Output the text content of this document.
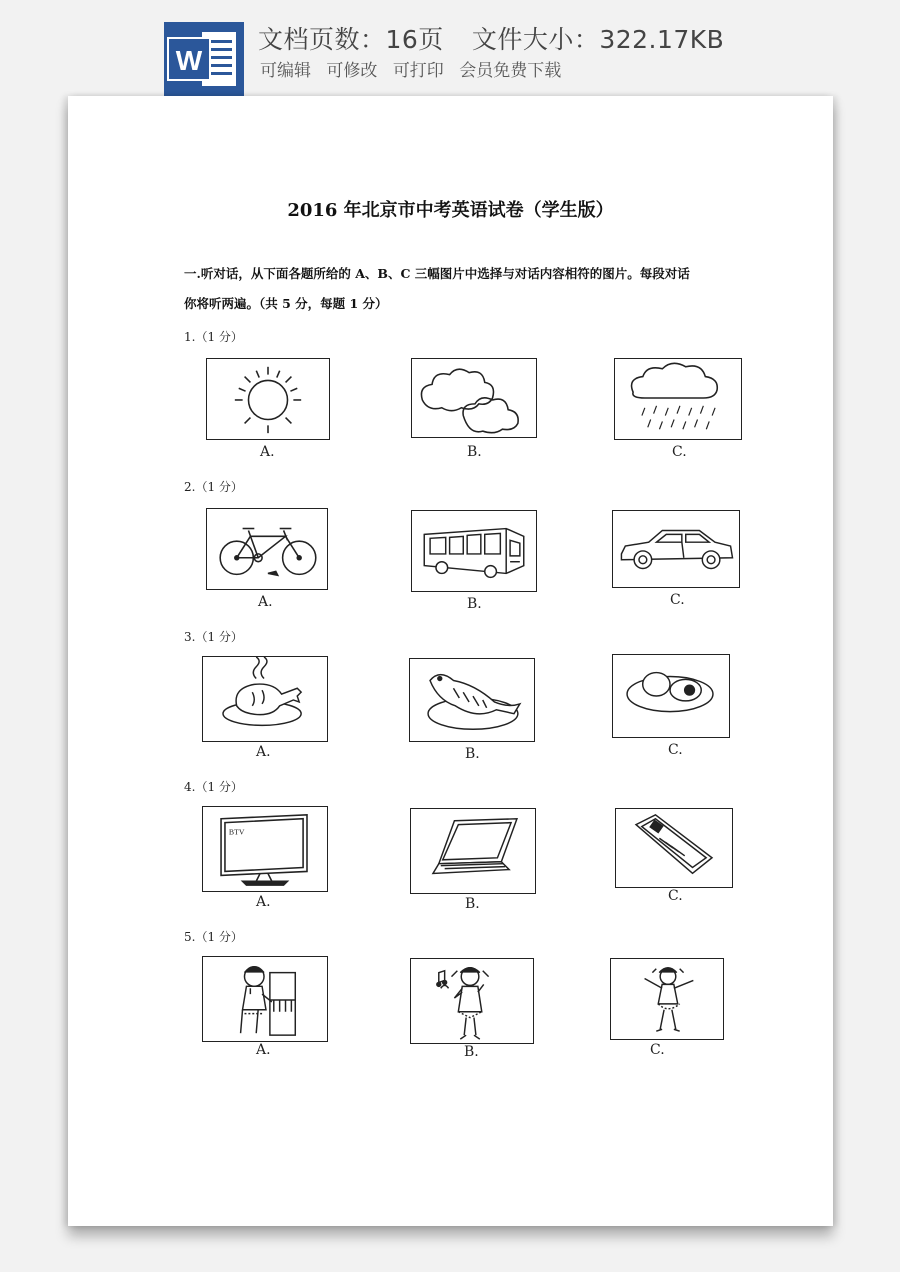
W
文档页数：16页 文件大小：322.17KB
可编辑 可修改 可打印 会员免费下载
2016 年北京市中考英语试卷（学生版）
一.听对话，从下面各题所给的 A、B、C 三幅图片中选择与对话内容相符的图片。每段对话
你将听两遍。（共 5 分，每题 1 分）
1.（1 分）
A.	B.	C.
2.（1 分）
A.	B.	C.
3.（1 分）
A.	B.	C.
4.（1 分）
BTV
A.	B.	C.
5.（1 分）
A.	B.	C.
